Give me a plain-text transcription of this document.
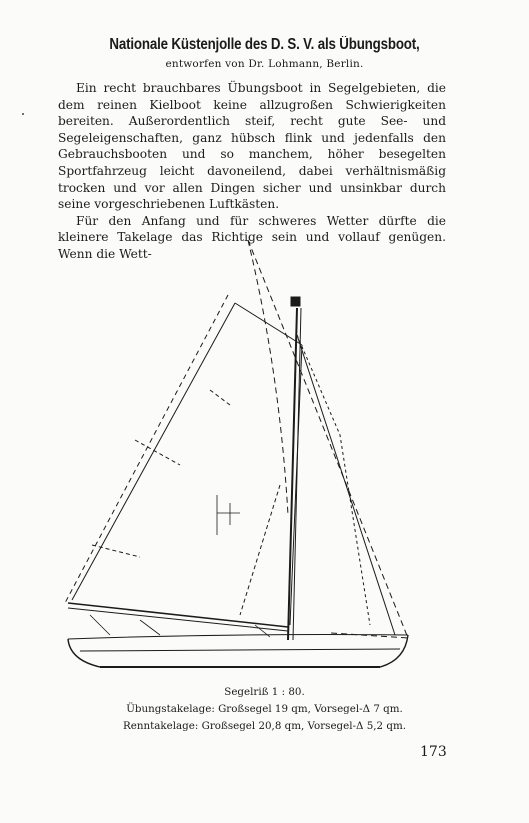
Nationale Küstenjolle des D. S. V. als Übungsboot,
entworfen von Dr. Lohmann, Berlin.

Ein recht brauchbares Übungsboot in Segelgebieten, die dem reinen Kielboot keine allzugroßen Schwierigkeiten bereiten. Außerordentlich steif, recht gute See- und Segeleigenschaften, ganz hübsch flink und jedenfalls den Gebrauchsbooten und so manchem, höher besegelten Sportfahrzeug leicht davoneilend, dabei verhältnismäßig trocken und vor allen Dingen sicher und unsinkbar durch seine vorgeschriebenen Luftkästen.

Für den Anfang und für schweres Wetter dürfte die kleinere Takelage das Richtige sein und vollauf genügen. Wenn die Wett-

Segelriß 1 : 80.
Übungstakelage: Großsegel 19 qm, Vorsegel-Δ 7 qm.
Renntakelage: Großsegel 20,8 qm, Vorsegel-Δ 5,2 qm.
173
